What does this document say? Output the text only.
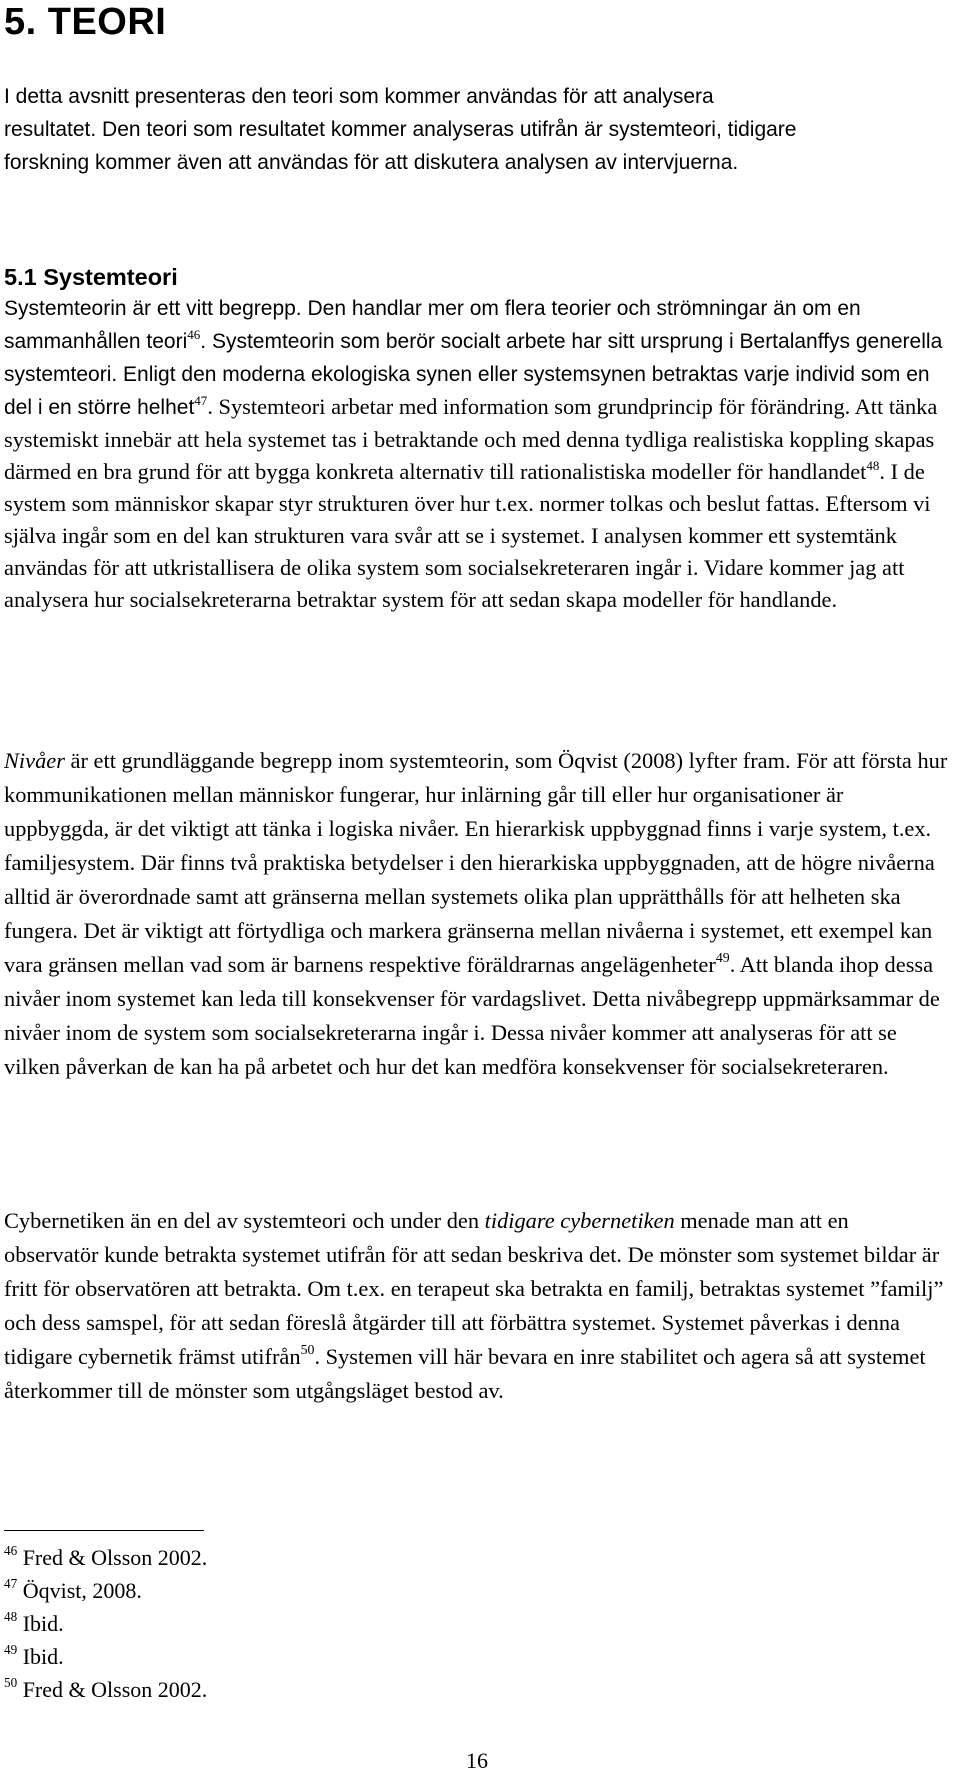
5. TEORI

I detta avsnitt presenteras den teori som kommer användas för att analysera resultatet. Den teori som resultatet kommer analyseras utifrån är systemteori, tidigare forskning kommer även att användas för att diskutera analysen av intervjuerna.

5.1 Systemteori

Systemteorin är ett vitt begrepp. Den handlar mer om flera teorier och strömningar än om en sammanhållen teori$^{46}$. Systemteorin som berör socialt arbete har sitt ursprung i Bertalanffys generella systemteori. Enligt den moderna ekologiska synen eller systemsynen betraktas varje individ som en del i en större helhet$^{47}$. Systemteori arbetar med information som grundprincip för förändring. Att tänka systemiskt innebär att hela systemet tas i betraktande och med denna tydliga realistiska koppling skapas därmed en bra grund för att bygga konkreta alternativ till rationalistiska modeller för handlandet$^{48}$. I de system som människor skapar styr strukturen över hur t.ex. normer tolkas och beslut fattas. Eftersom vi själva ingår som en del kan strukturen vara svår att se i systemet. I analysen kommer ett systemtänk användas för att utkristallisera de olika system som socialsekreteraren ingår i. Vidare kommer jag att analysera hur socialsekreterarna betraktar system för att sedan skapa modeller för handlande.

Nivåer är ett grundläggande begrepp inom systemteorin, som Öqvist (2008) lyfter fram. För att första hur kommunikationen mellan människor fungerar, hur inlärning går till eller hur organisationer är uppbyggda, är det viktigt att tänka i logiska nivåer. En hierarkisk uppbyggnad finns i varje system, t.ex. familjesystem. Där finns två praktiska betydelser i den hierarkiska uppbyggnaden, att de högre nivåerna alltid är överordnade samt att gränserna mellan systemets olika plan upprätthålls för att helheten ska fungera. Det är viktigt att förtydliga och markera gränserna mellan nivåerna i systemet, ett exempel kan vara gränsen mellan vad som är barnens respektive föräldrarnas angelägenheter$^{49}$. Att blanda ihop dessa nivåer inom systemet kan leda till konsekvenser för vardagslivet. Detta nivåbegrepp uppmärksammar de nivåer inom de system som socialsekreterarna ingår i. Dessa nivåer kommer att analyseras för att se vilken påverkan de kan ha på arbetet och hur det kan medföra konsekvenser för socialsekreteraren.

Cybernetiken än en del av systemteori och under den tidigare cybernetiken menade man att en observatör kunde betrakta systemet utifrån för att sedan beskriva det. De mönster som systemet bildar är fritt för observatören att betrakta. Om t.ex. en terapeut ska betrakta en familj, betraktas systemet ”familj” och dess samspel, för att sedan föreslå åtgärder till att förbättra systemet. Systemet påverkas i denna tidigare cybernetik främst utifrån$^{50}$. Systemen vill här bevara en inre stabilitet och agera så att systemet återkommer till de mönster som utgångsläget bestod av.

$^{46}$ Fred & Olsson 2002.
$^{47}$ Öqvist, 2008.
$^{48}$ Ibid.
$^{49}$ Ibid.
$^{50}$ Fred & Olsson 2002.
16
